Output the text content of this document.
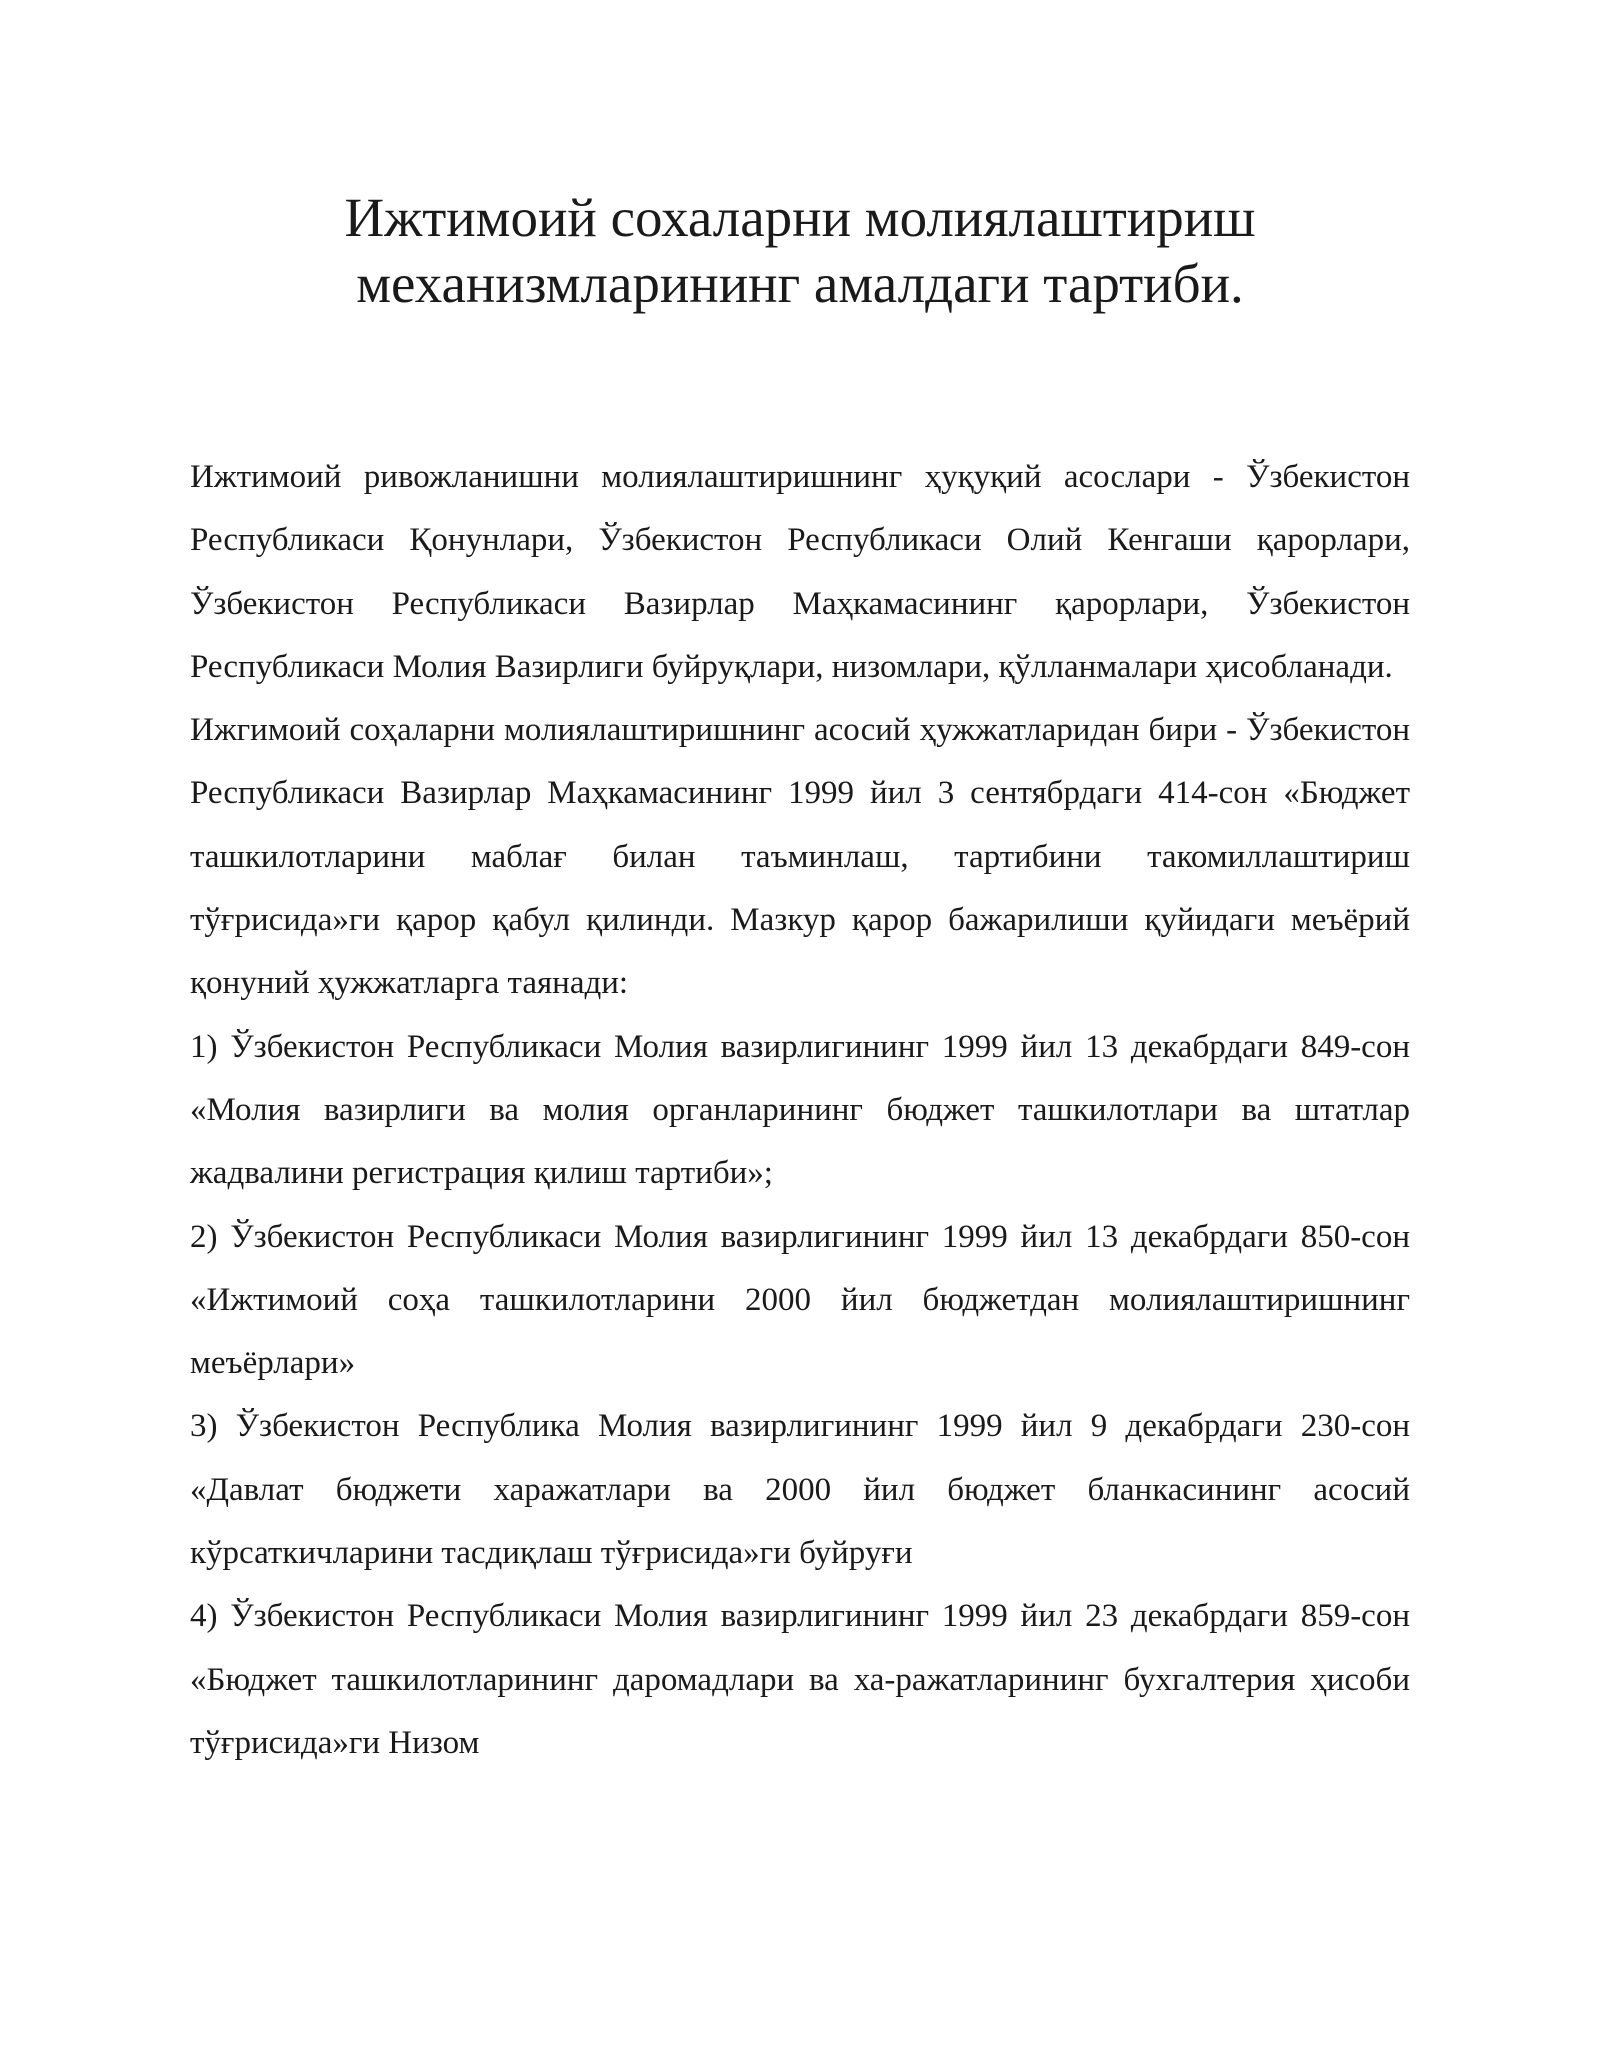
Ижтимоий сохаларни молиялаштириш
механизмларининг амалдаги тартиби.

Ижтимоий ривожланишни молиялаштиришнинг ҳуқуқий асослари - Ўзбекистон Республикаси Қонунлари, Ўзбекистон Республикаси Олий Кенгаши қарорлари, Ўзбекистон Республикаси Вазирлар Маҳкамасининг қарорлари, Ўзбекистон Республикаси Молия Вазирлиги буйруқлари, низомлари, қўлланмалари ҳисобланади.

Ижгимоий соҳаларни молиялаштиришнинг асосий ҳужжатларидан бири - Ўзбекистон Республикаси Вазирлар Маҳкамасининг 1999 йил 3 сентябрдаги 414-сон «Бюджет ташкилотларини маблағ билан таъминлаш, тартибини такомиллаштириш тўғрисида»ги қарор қабул қилинди. Мазкур қарор бажарилиши қуйидаги меъёрий қонуний ҳужжатларга таянади:

1) Ўзбекистон Республикаси Молия вазирлигининг 1999 йил 13 декабрдаги 849-сон «Молия вазирлиги ва молия органларининг бюджет ташкилотлари ва штатлар жадвалини регистрация қилиш тартиби»;

2) Ўзбекистон Республикаси Молия вазирлигининг 1999 йил 13 декабрдаги 850-сон «Ижтимоий соҳа ташкилотларини 2000 йил бюджетдан молиялаштиришнинг меъёрлари»

3) Ўзбекистон Республика Молия вазирлигининг 1999 йил 9 декабрдаги 230-сон «Давлат бюджети харажатлари ва 2000 йил бюджет бланкасининг асосий кўрсаткичларини тасдиқлаш тўғрисида»ги буйруғи

4) Ўзбекистон Республикаси Молия вазирлигининг 1999 йил 23 декабрдаги 859-сон «Бюджет ташкилотларининг даромадлари ва ха-ражатларининг бухгалтерия ҳисоби тўғрисида»ги Низом
